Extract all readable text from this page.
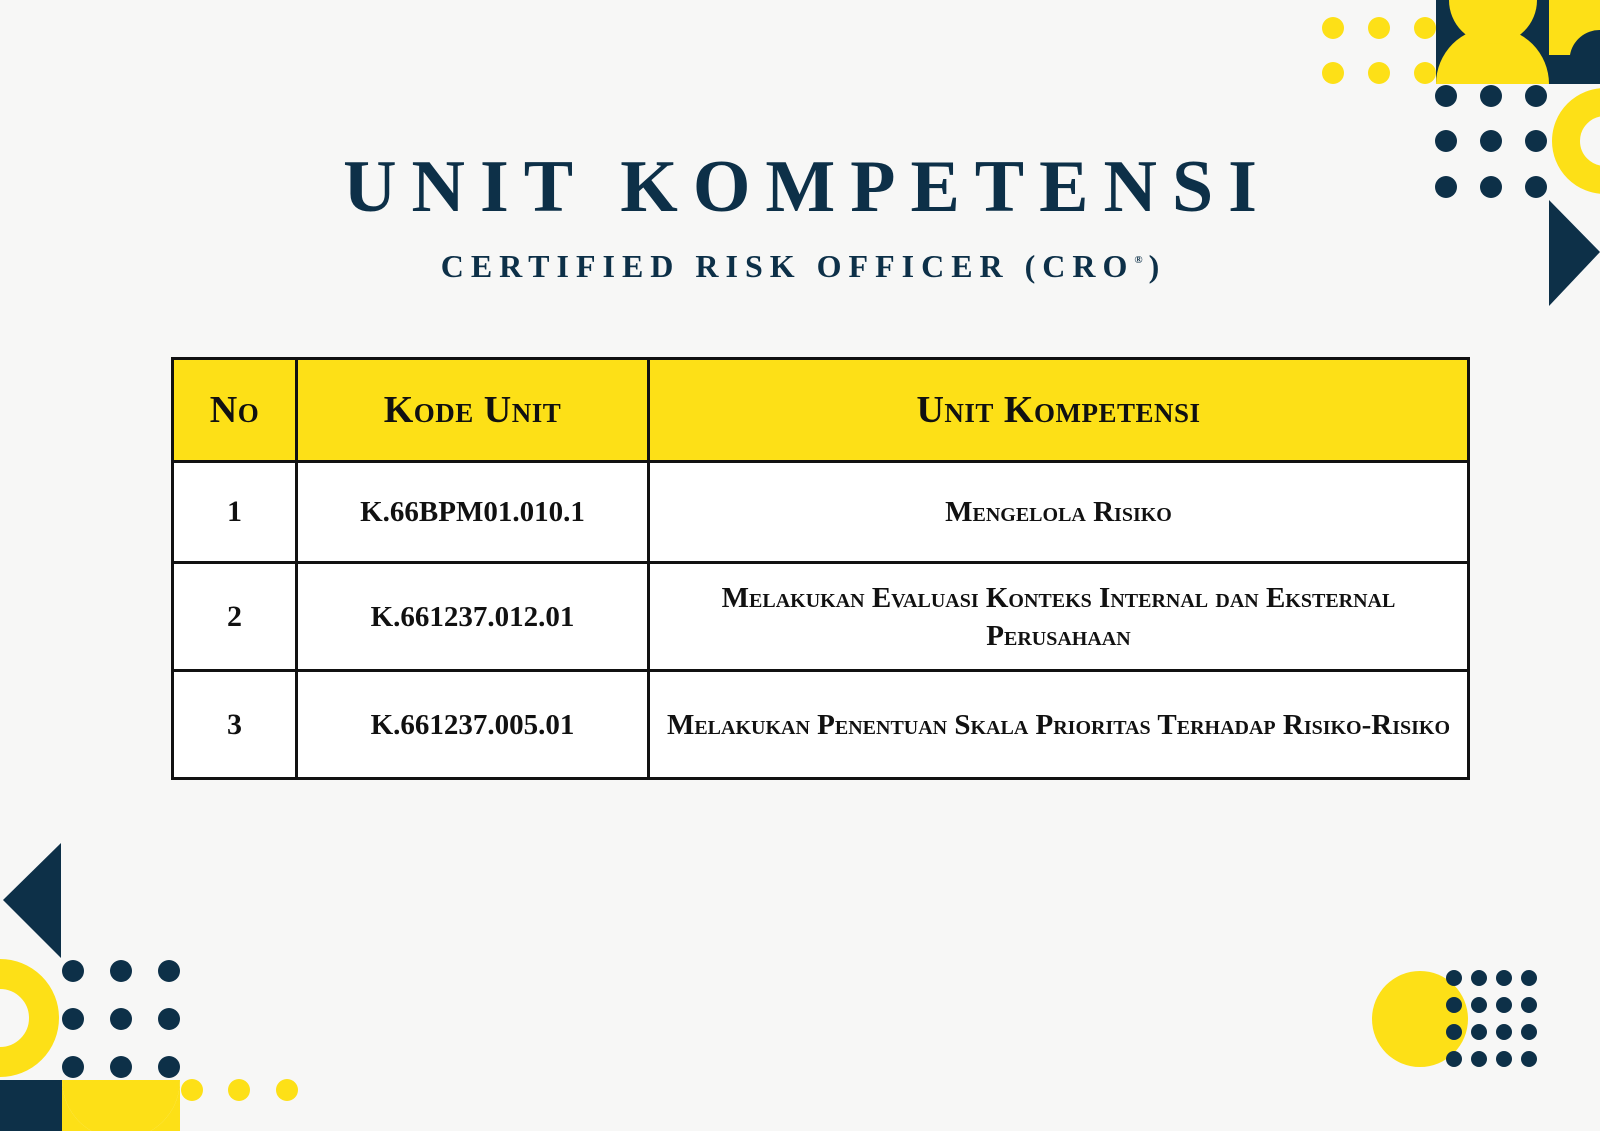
UNIT KOMPETENSI
CERTIFIED RISK OFFICER (CRO® )
No	Kode Unit	Unit Kompetensi
1	K.66BPM01.010.1	Mengelola Risiko
2	K.661237.012.01	Melakukan Evaluasi Konteks Internal dan Eksternal Perusahaan
3	K.661237.005.01	Melakukan Penentuan Skala Prioritas Terhadap Risiko-Risiko
